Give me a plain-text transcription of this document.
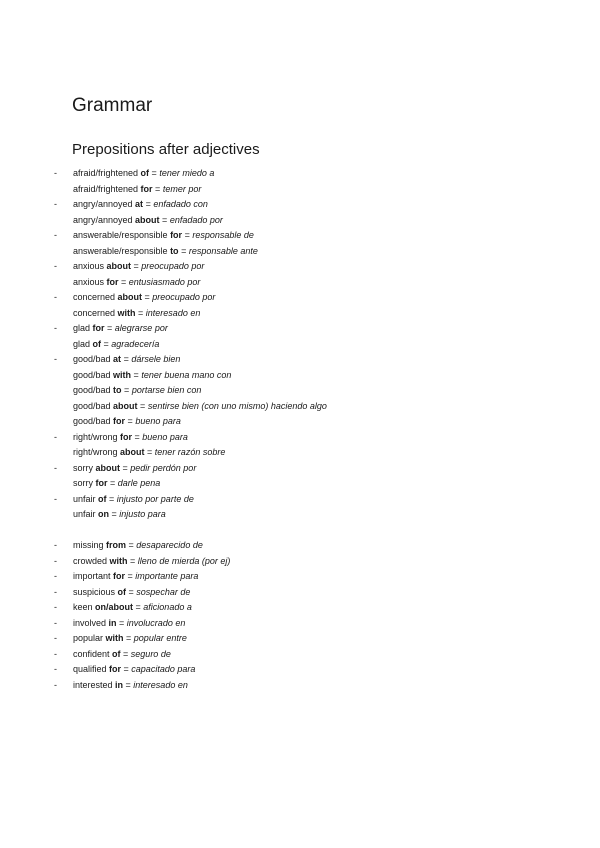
Grammar
Prepositions after adjectives
- afraid/frightened of = tener miedo a
afraid/frightened for = temer por
- angry/annoyed at = enfadado con
angry/annoyed about = enfadado por
- answerable/responsible for = responsable de
answerable/responsible to = responsable ante
- anxious about = preocupado por
anxious for = entusiasmado por
- concerned about = preocupado por
concerned with = interesado en
- glad for = alegrarse por
glad of = agradecería
- good/bad at = dársele bien
good/bad with = tener buena mano con
good/bad to = portarse bien con
good/bad about = sentirse bien (con uno mismo) haciendo algo
good/bad for = bueno para
- right/wrong for = bueno para
right/wrong about = tener razón sobre
- sorry about = pedir perdón por
sorry for = darle pena
- unfair of = injusto por parte de
unfair on = injusto para
- missing from = desaparecido de
- crowded with = lleno de mierda (por ej)
- important for = importante para
- suspicious of = sospechar de
- keen on/about = aficionado a
- involved in = involucrado en
- popular with = popular entre
- confident of = seguro de
- qualified for = capacitado para
- interested in = interesado en
